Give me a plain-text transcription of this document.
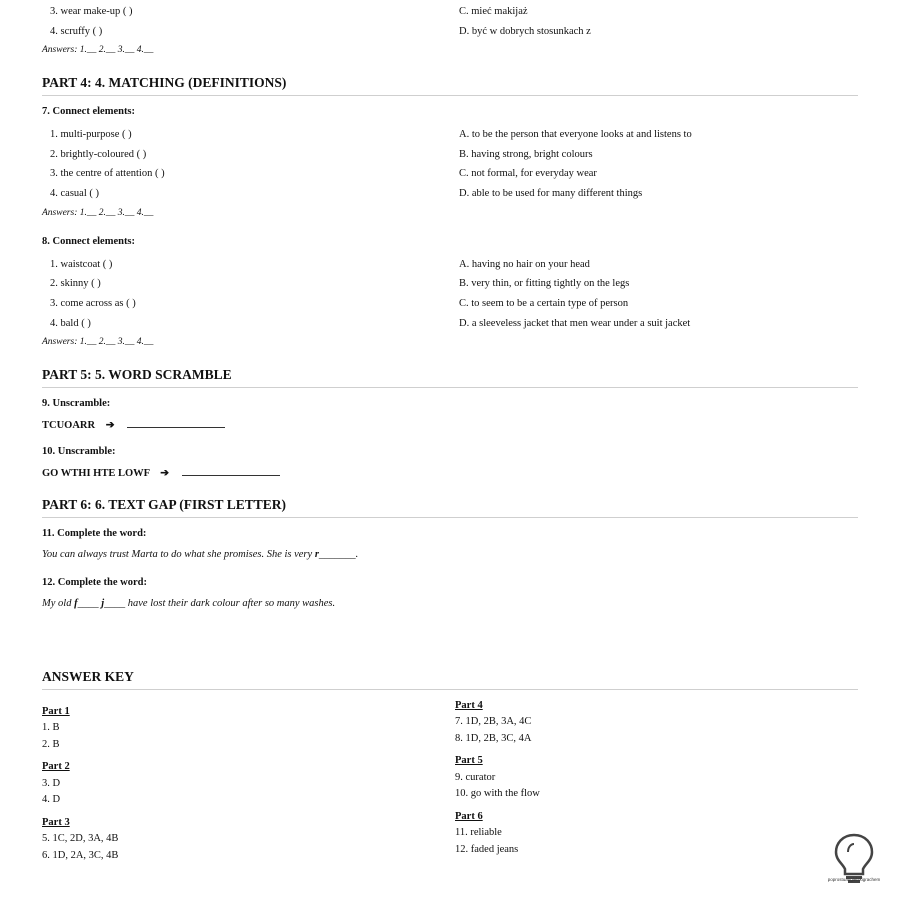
3. wear make-up ( )	C. mieć makijaż
4. scruffy ( )	D. być w dobrych stosunkach z
Answers: 1.__ 2.__ 3.__ 4.__
PART 4: 4. MATCHING (DEFINITIONS)
7. Connect elements:
1. multi-purpose ( )	A. to be the person that everyone looks at and listens to
2. brightly-coloured ( )	B. having strong, bright colours
3. the centre of attention ( )	C. not formal, for everyday wear
4. casual ( )	D. able to be used for many different things
Answers: 1.__ 2.__ 3.__ 4.__
8. Connect elements:
1. waistcoat ( )	A. having no hair on your head
2. skinny ( )	B. very thin, or fitting tightly on the legs
3. come across as ( )	C. to seem to be a certain type of person
4. bald ( )	D. a sleeveless jacket that men wear under a suit jacket
Answers: 1.__ 2.__ 3.__ 4.__
PART 5: 5. WORD SCRAMBLE
9. Unscramble:
TCUOARR ➔
10. Unscramble:
GO WTHI HTE LOWF ➔
PART 6: 6. TEXT GAP (FIRST LETTER)
11. Complete the word:
You can always trust Marta to do what she promises. She is very r_______.
12. Complete the word:
My old f____ j____ have lost their dark colour after so many washes.
ANSWER KEY
Part 1
1. B
2. B
Part 2
3. D
4. D
Part 3
5. 1C, 2D, 3A, 4B
6. 1D, 2A, 3C, 4B
Part 4
7. 1D, 2B, 3A, 4C
8. 1D, 2B, 3C, 4A
Part 5
9. curator
10. go with the flow
Part 6
11. reliable
12. faded jeans
poprostuangielskigrachem
